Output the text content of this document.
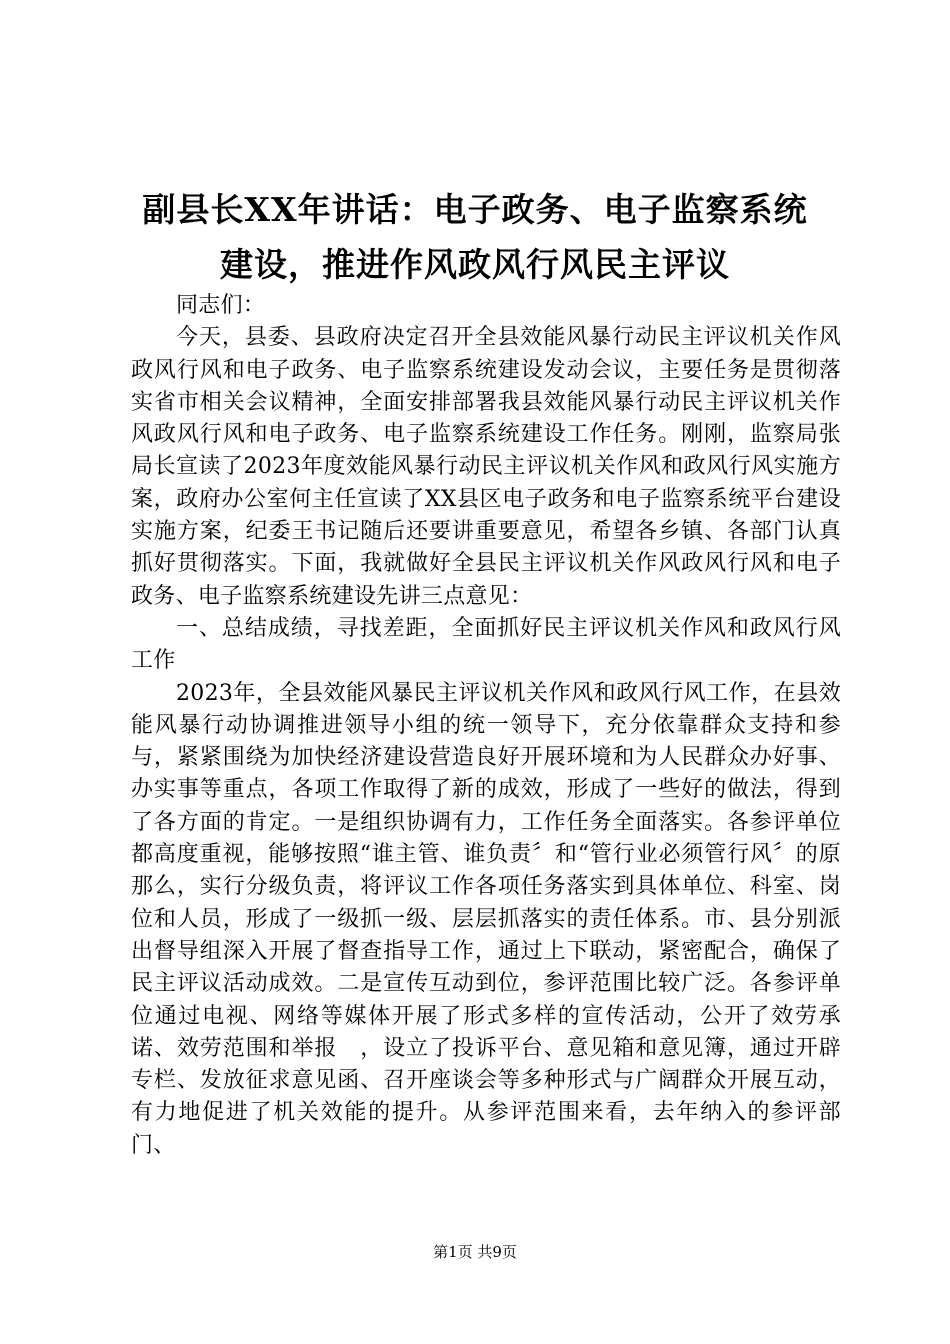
副县长XX年讲话：电子政务、电子监察系统
建设，推进作风政风行风民主评议

同志们：

今天，县委、县政府决定召开全县效能风暴行动民主评议机关作风政风行风和电子政务、电子监察系统建设发动会议，主要任务是贯彻落实省市相关会议精神，全面安排部署我县效能风暴行动民主评议机关作风政风行风和电子政务、电子监察系统建设工作任务。刚刚，监察局张局长宣读了2023年度效能风暴行动民主评议机关作风和政风行风实施方案，政府办公室何主任宣读了XX县区电子政务和电子监察系统平台建设实施方案，纪委王书记随后还要讲重要意见，希望各乡镇、各部门认真抓好贯彻落实。下面，我就做好全县民主评议机关作风政风行风和电子政务、电子监察系统建设先讲三点意见：

一、总结成绩，寻找差距，全面抓好民主评议机关作风和政风行风工作

2023年，全县效能风暴民主评议机关作风和政风行风工作，在县效能风暴行动协调推进领导小组的统一领导下，充分依靠群众支持和参与，紧紧围绕为加快经济建设营造良好开展环境和为人民群众办好事、办实事等重点，各项工作取得了新的成效，形成了一些好的做法，得到了各方面的肯定。一是组织协调有力，工作任务全面落实。各参评单位都高度重视，能够按照“谁主管、谁负责〞和“管行业必须管行风〞的原那么，实行分级负责，将评议工作各项任务落实到具体单位、科室、岗位和人员，形成了一级抓一级、层层抓落实的责任体系。市、县分别派出督导组深入开展了督查指导工作，通过上下联动，紧密配合，确保了民主评议活动成效。二是宣传互动到位，参评范围比较广泛。各参评单位通过电视、网络等媒体开展了形式多样的宣传活动，公开了效劳承诺、效劳范围和举报　，设立了投诉平台、意见箱和意见簿，通过开辟专栏、发放征求意见函、召开座谈会等多种形式与广阔群众开展互动，有力地促进了机关效能的提升。从参评范围来看，去年纳入的参评部门、

第1页 共9页
